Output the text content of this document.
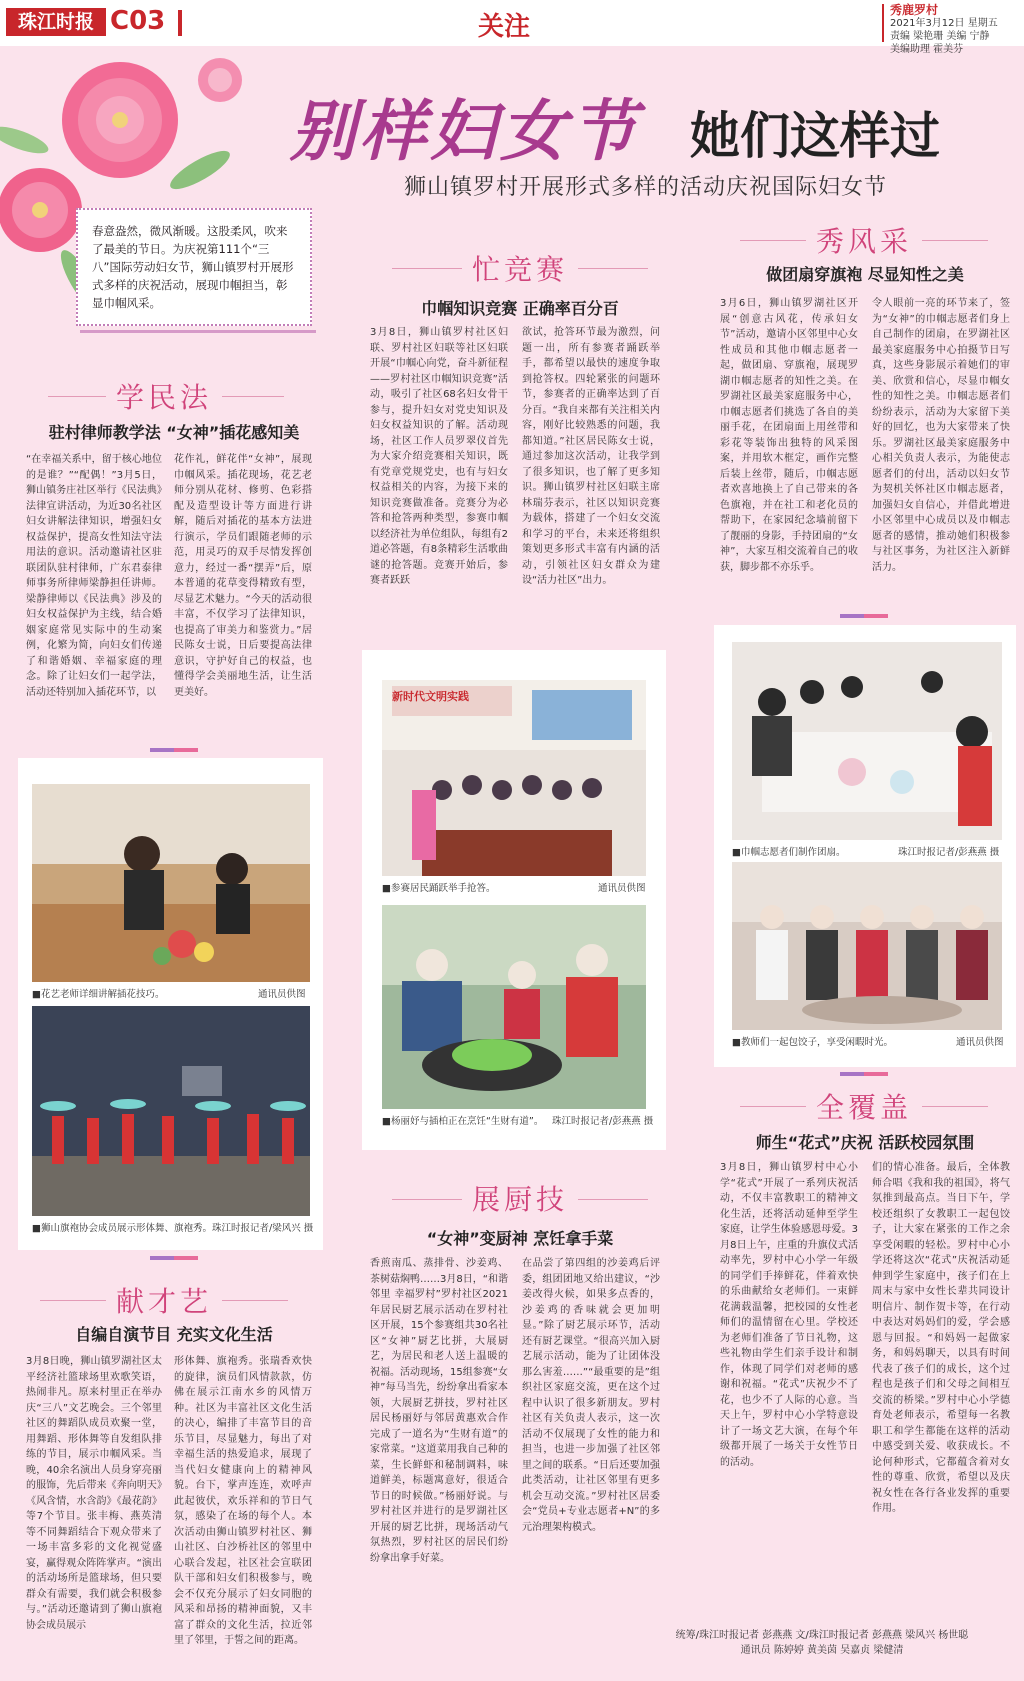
珠江时报 C03	关注
秀鹿罗村
2021年3月12日 星期五
责编 梁艳珊 美编 宁静
美编助理 霍美芬
别样妇女节 她们这样过
狮山镇罗村开展形式多样的活动庆祝国际妇女节
春意盎然，微风渐暖。这股柔风，吹来了最美的节日。为庆祝第111个“三八”国际劳动妇女节，狮山镇罗村开展形式多样的庆祝活动，展现巾帼担当，彰显巾帼风采。
学民法
驻村律师教学法 “女神”插花感知美
“在幸福关系中，留于核心地位的是谁？”“配偶！”3月5日，狮山镇务庄社区举行《民法典》法律宣讲活动，为近30名社区妇女讲解法律知识，增强妇女权益保护，提高女性知法守法用法的意识。活动邀请社区驻联团队驻村律师，广东君泰律师事务所律师梁静担任讲师。梁静律师以《民法典》涉及的妇女权益保护为主线，结合婚姻家庭常见实际中的生动案例，化繁为简，向妇女们传递了和谐婚姻、幸福家庭的理念。除了让妇女们一起学法，活动还特别加入插花环节，以
花作礼，鲜花伴“女神”，展现巾帼风采。插花现场，花艺老师分别从花材、修剪、色彩搭配及造型设计等方面进行讲解，随后对插花的基本方法进行演示，学员们跟随老师的示范，用灵巧的双手尽情发挥创意力，经过一番“摆弄”后，原本普通的花草变得精致有型，尽显艺术魅力。“今天的活动很丰富，不仅学习了法律知识，也提高了审美力和鉴赏力。”居民陈女士说，日后要提高法律意识，守护好自己的权益，也懂得学会美丽地生活，让生活更美好。
■花艺老师详细讲解插花技巧。	通讯员供图
■狮山旗袍协会成员展示形体舞、旗袍秀。 珠江时报记者/梁风兴 摄
献才艺
自编自演节目 充实文化生活
3月8日晚，狮山镇罗湖社区太平经济社篮球场里欢歌笑语，热闹非凡。原来村里正在举办庆“三八”文艺晚会。三个邻里社区的舞蹈队成员欢聚一堂，用舞蹈、形体舞等自发组队排练的节目，展示巾帼风采。当晚，40余名演出人员身穿亮丽的服饰，先后带来《奔向明天》《风含情，水含韵》《最花韵》等7个节目。张丰梅、燕英清等不同舞蹈结合下观众带来了一场丰富多彩的文化视觉盛宴，赢得观众阵阵掌声。“演出的活动场所是篮球场，但只要群众有需要，我们就会积极参与。”活动还邀请到了狮山旗袍协会成员展示
形体舞、旗袍秀。张瑞香欢快的旋律，演员们风情款款，仿佛在展示江南水乡的风情万种。社区为丰富社区文化生活的决心，编排了丰富节目的音乐节目，尽显魅力，每出了对幸福生活的热爱追求，展现了当代妇女健康向上的精神风貌。台下，掌声连连，欢呼声此起彼伏，欢乐祥和的节日气氛，感染了在场的每个人。本次活动由狮山镇罗村社区、狮山社区、白沙桥社区的邻里中心联合发起，社区社会宣联团队干部和妇女们积极参与，晚会不仅充分展示了妇女同胞的风采和昂扬的精神面貌，又丰富了群众的文化生活，拉近邻里了邻里，于誓之间的距离。
忙竞赛
巾帼知识竞赛 正确率百分百
3月8日，狮山镇罗村社区妇联、罗村社区妇联等社区妇联开展“巾帼心向党，奋斗新征程——罗村社区巾帼知识竞赛”活动，吸引了社区68名妇女骨干参与，提升妇女对党史知识及妇女权益知识的了解。活动现场，社区工作人员罗翠仪首先为大家介绍竞赛相关知识，既有党章党规党史，也有与妇女权益相关的内容，为接下来的知识竞赛做准备。竞赛分为必答和抢答两种类型，参赛巾帼以经济社为单位组队，每组有2道必答题，有8条精彩生活歌曲谜的抢答题。竞赛开始后，参赛者跃跃
欲试，抢答环节最为激烈，问题一出，所有参赛者踊跃举手，都希望以最快的速度争取到抢答权。四轮紧张的问题环节，参赛者的正确率达到了百分百。“我自来都有关注相关内容，刚好比较熟悉的问题，我都知道。”社区居民陈女士说，通过参加这次活动，让我学到了很多知识，也了解了更多知识。狮山镇罗村社区妇联主席林瑞芬表示，社区以知识竞赛为载体，搭建了一个妇女交流和学习的平台，未来还将组织策划更多形式丰富有内涵的活动，引领社区妇女群众为建设“活力社区”出力。
新时代文明实践
■参赛居民踊跃举手抢答。	通讯员供图
■杨丽妤与插柏正在烹饪“生财有道”。 珠江时报记者/彭燕燕 摄
展厨技
“女神”变厨神 烹饪拿手菜
香煎南瓜、蒸排骨、沙姜鸡、茶树菇焖鸭……3月8日，“和谐邻里 幸福罗村”罗村社区2021年居民厨艺展示活动在罗村社区开展，15个参赛组共30名社区“女神”厨艺比拼，大展厨艺，为居民和老人送上温暖的祝福。活动现场，15组参赛“女神”每马当先，纷纷拿出看家本领，大展厨艺拼技，罗村社区居民杨丽妤与邻居黄惠欢合作完成了一道名为“生财有道”的家常菜。“这道菜用我自己种的菜，生长鲜虾和秘制调料，味道鲜美，标题寓意好，很适合节日的时候做。”杨丽妤说。与罗村社区并进行的是罗湖社区开展的厨艺比拼，现场活动气氛热烈，罗村社区的居民们纷纷拿出拿手好菜。
在品尝了第四组的沙姜鸡后评委，组团团地又给出建议，“沙姜改得火候，如果多点香的，沙姜鸡的香味就会更加明显。”除了厨艺展示环节，活动还有厨艺课堂。“很高兴加入厨艺展示活动，能为了让团体没那么害羞……”“最重要的是”组织社区家庭交流，更在这个过程中认识了很多新朋友。罗村社区有关负责人表示，这一次活动不仅展现了女性的能力和担当，也进一步加强了社区邻里之间的联系。“日后还要加强此类活动，让社区邻里有更多机会互动交流。”罗村社区居委会“党员+专业志愿者+N”的多元治理架构模式。
秀风采
做团扇穿旗袍 尽显知性之美
3月6日，狮山镇罗湖社区开展“创意古风花，传承妇女节”活动，邀请小区邻里中心女性成员和其他巾帼志愿者一起，做团扇、穿旗袍，展现罗湖巾帼志愿者的知性之美。在罗湖社区最美家庭服务中心，巾帼志愿者们挑选了各自的美丽手花，在团扇面上用丝带和彩花等装饰出独特的风采图案，并用软木框定，画作完整后装上丝带，随后，巾帼志愿者欢喜地换上了自己带来的各色旗袍，并在社工和老化员的帮助下，在家园纪念墙前留下了靓丽的身影，手持团扇的“女神”，大家互相交流着自己的收获，脚步都不亦乐乎。
令人眼前一亮的环节来了，签为“女神”的巾帼志愿者们身上自己制作的团扇，在罗湖社区最美家庭服务中心拍摄节日写真，这些身影展示着她们的审美、欣赏和信心，尽显巾帼女性的知性之美。巾帼志愿者们纷纷表示，活动为大家留下美好的回忆，也为大家带来了快乐。罗湖社区最美家庭服务中心相关负责人表示，为能使志愿者们的付出，活动以妇女节为契机关怀社区巾帼志愿者，加强妇女自信心，并借此增进小区邻里中心成员以及巾帼志愿者的感情，推动她们积极参与社区事务，为社区注入新鲜活力。
■巾帼志愿者们制作团扇。	珠江时报记者/彭燕燕 摄
■教师们一起包饺子，享受闲暇时光。	通讯员供图
全覆盖
师生“花式”庆祝 活跃校园氛围
3月8日，狮山镇罗村中心小学“花式”开展了一系列庆祝活动，不仅丰富教职工的精神文化生活，还将活动延伸至学生家庭，让学生体验感恩母爱。3月8日上午，庄重的升旗仪式活动率先，罗村中心小学一年级的同学们手捧鲜花，伴着欢快的乐曲献给女老师们。一束鲜花满载温馨，把校园的女性老师们的温情留在心里。学校还为老师们准备了节日礼物，这些礼物由学生们亲手设计和制作，体现了同学们对老师的感谢和祝福。“花式”庆祝少不了花，也少不了人际的心意。当天上午，罗村中心小学特意设计了一场文艺大演，在每个年级都开展了一场关于女性节日的活动。
们的情心准备。最后，全体教师合唱《我和我的祖国》，将气氛推到最高点。当日下午，学校还组织了女教职工一起包饺子，让大家在紧张的工作之余享受闲暇的轻松。罗村中心小学还将这次“花式”庆祝活动延伸到学生家庭中，孩子们在上周末与家中女性长辈共同设计明信片、制作贺卡等，在行动中表达对妈妈们的爱，学会感恩与回报。“和妈妈一起做家务，和妈妈聊天，以具有时间代表了孩子们的成长，这个过程也是孩子们和父母之间相互交流的桥梁。”罗村中心小学德育处老师表示，希望每一名教职工和学生都能在这样的活动中感受到关爱、收获成长。不论何种形式，它都蕴含着对女性的尊重、欣赏，希望以及庆祝女性在各行各业发挥的重要作用。
统筹/珠江时报记者 彭燕燕 文/珠江时报记者 彭燕燕 梁风兴 杨世聪
通讯员 陈婷婷 黄美茵 吴嘉贞 梁健清
